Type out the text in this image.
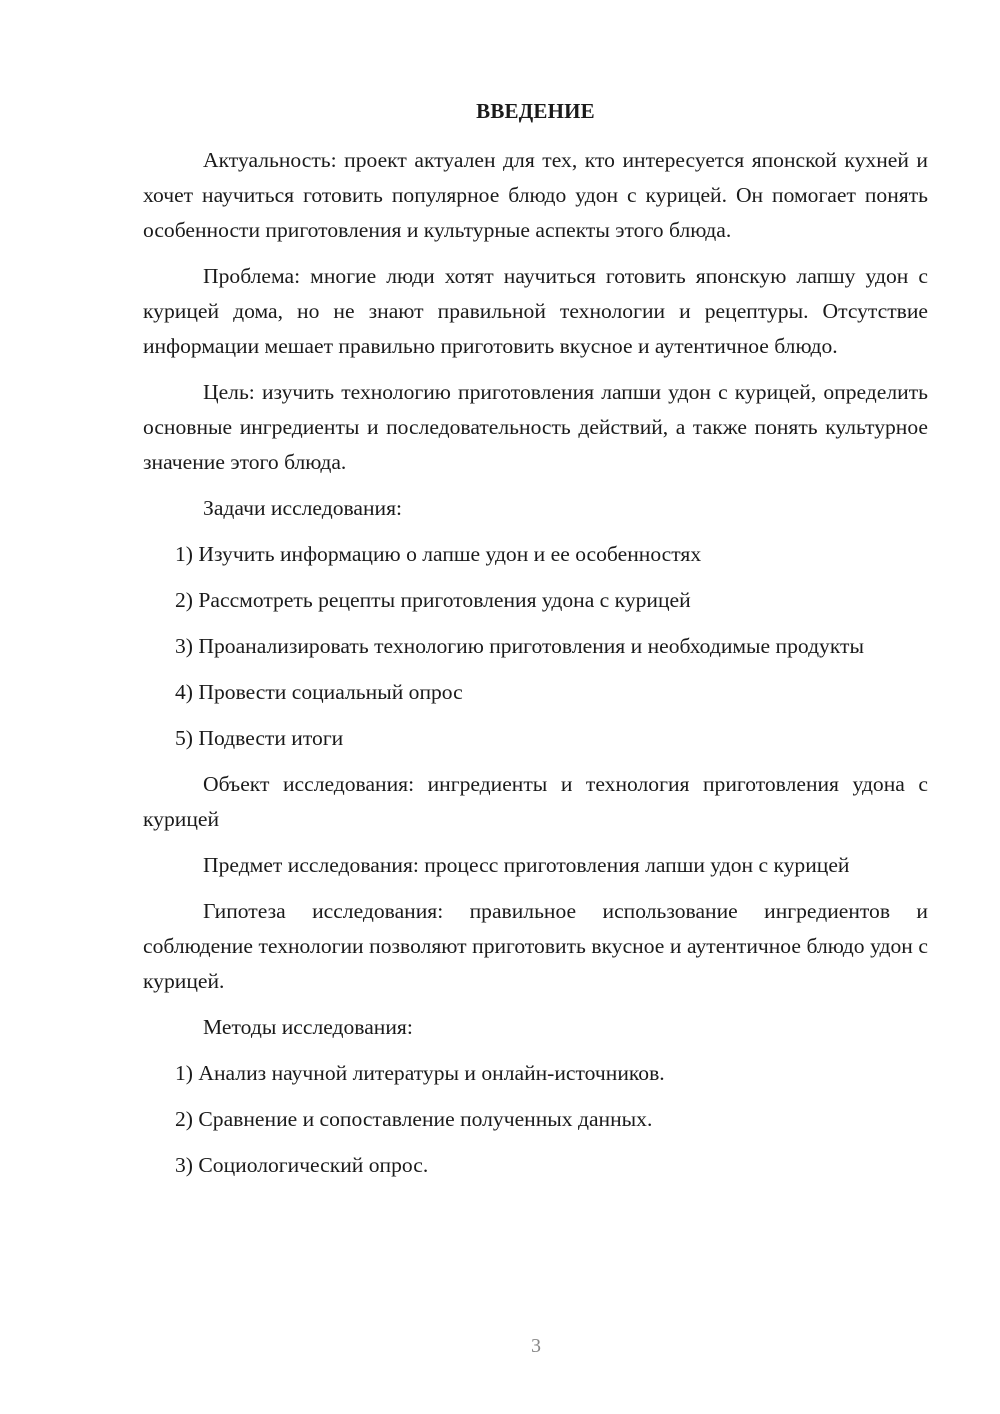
ВВЕДЕНИЕ

Актуальность: проект актуален для тех, кто интересуется японской кухней и хочет научиться готовить популярное блюдо удон с курицей. Он помогает понять особенности приготовления и культурные аспекты этого блюда.

Проблема: многие люди хотят научиться готовить японскую лапшу удон с курицей дома, но не знают правильной технологии и рецептуры. Отсутствие информации мешает правильно приготовить вкусное и аутентичное блюдо.

Цель: изучить технологию приготовления лапши удон с курицей, определить основные ингредиенты и последовательность действий, а также понять культурное значение этого блюда.

Задачи исследования:

1) Изучить информацию о лапше удон и ее особенностях

2) Рассмотреть рецепты приготовления удона с курицей

3) Проанализировать технологию приготовления и необходимые продукты

4) Провести социальный опрос

5) Подвести итоги

Объект исследования: ингредиенты и технология приготовления удона с курицей

Предмет исследования: процесс приготовления лапши удон с курицей

Гипотеза исследования: правильное использование ингредиентов и соблюдение технологии позволяют приготовить вкусное и аутентичное блюдо удон с курицей.

Методы исследования:

1) Анализ научной литературы и онлайн-источников.

2) Сравнение и сопоставление полученных данных.

3) Социологический опрос.

3
